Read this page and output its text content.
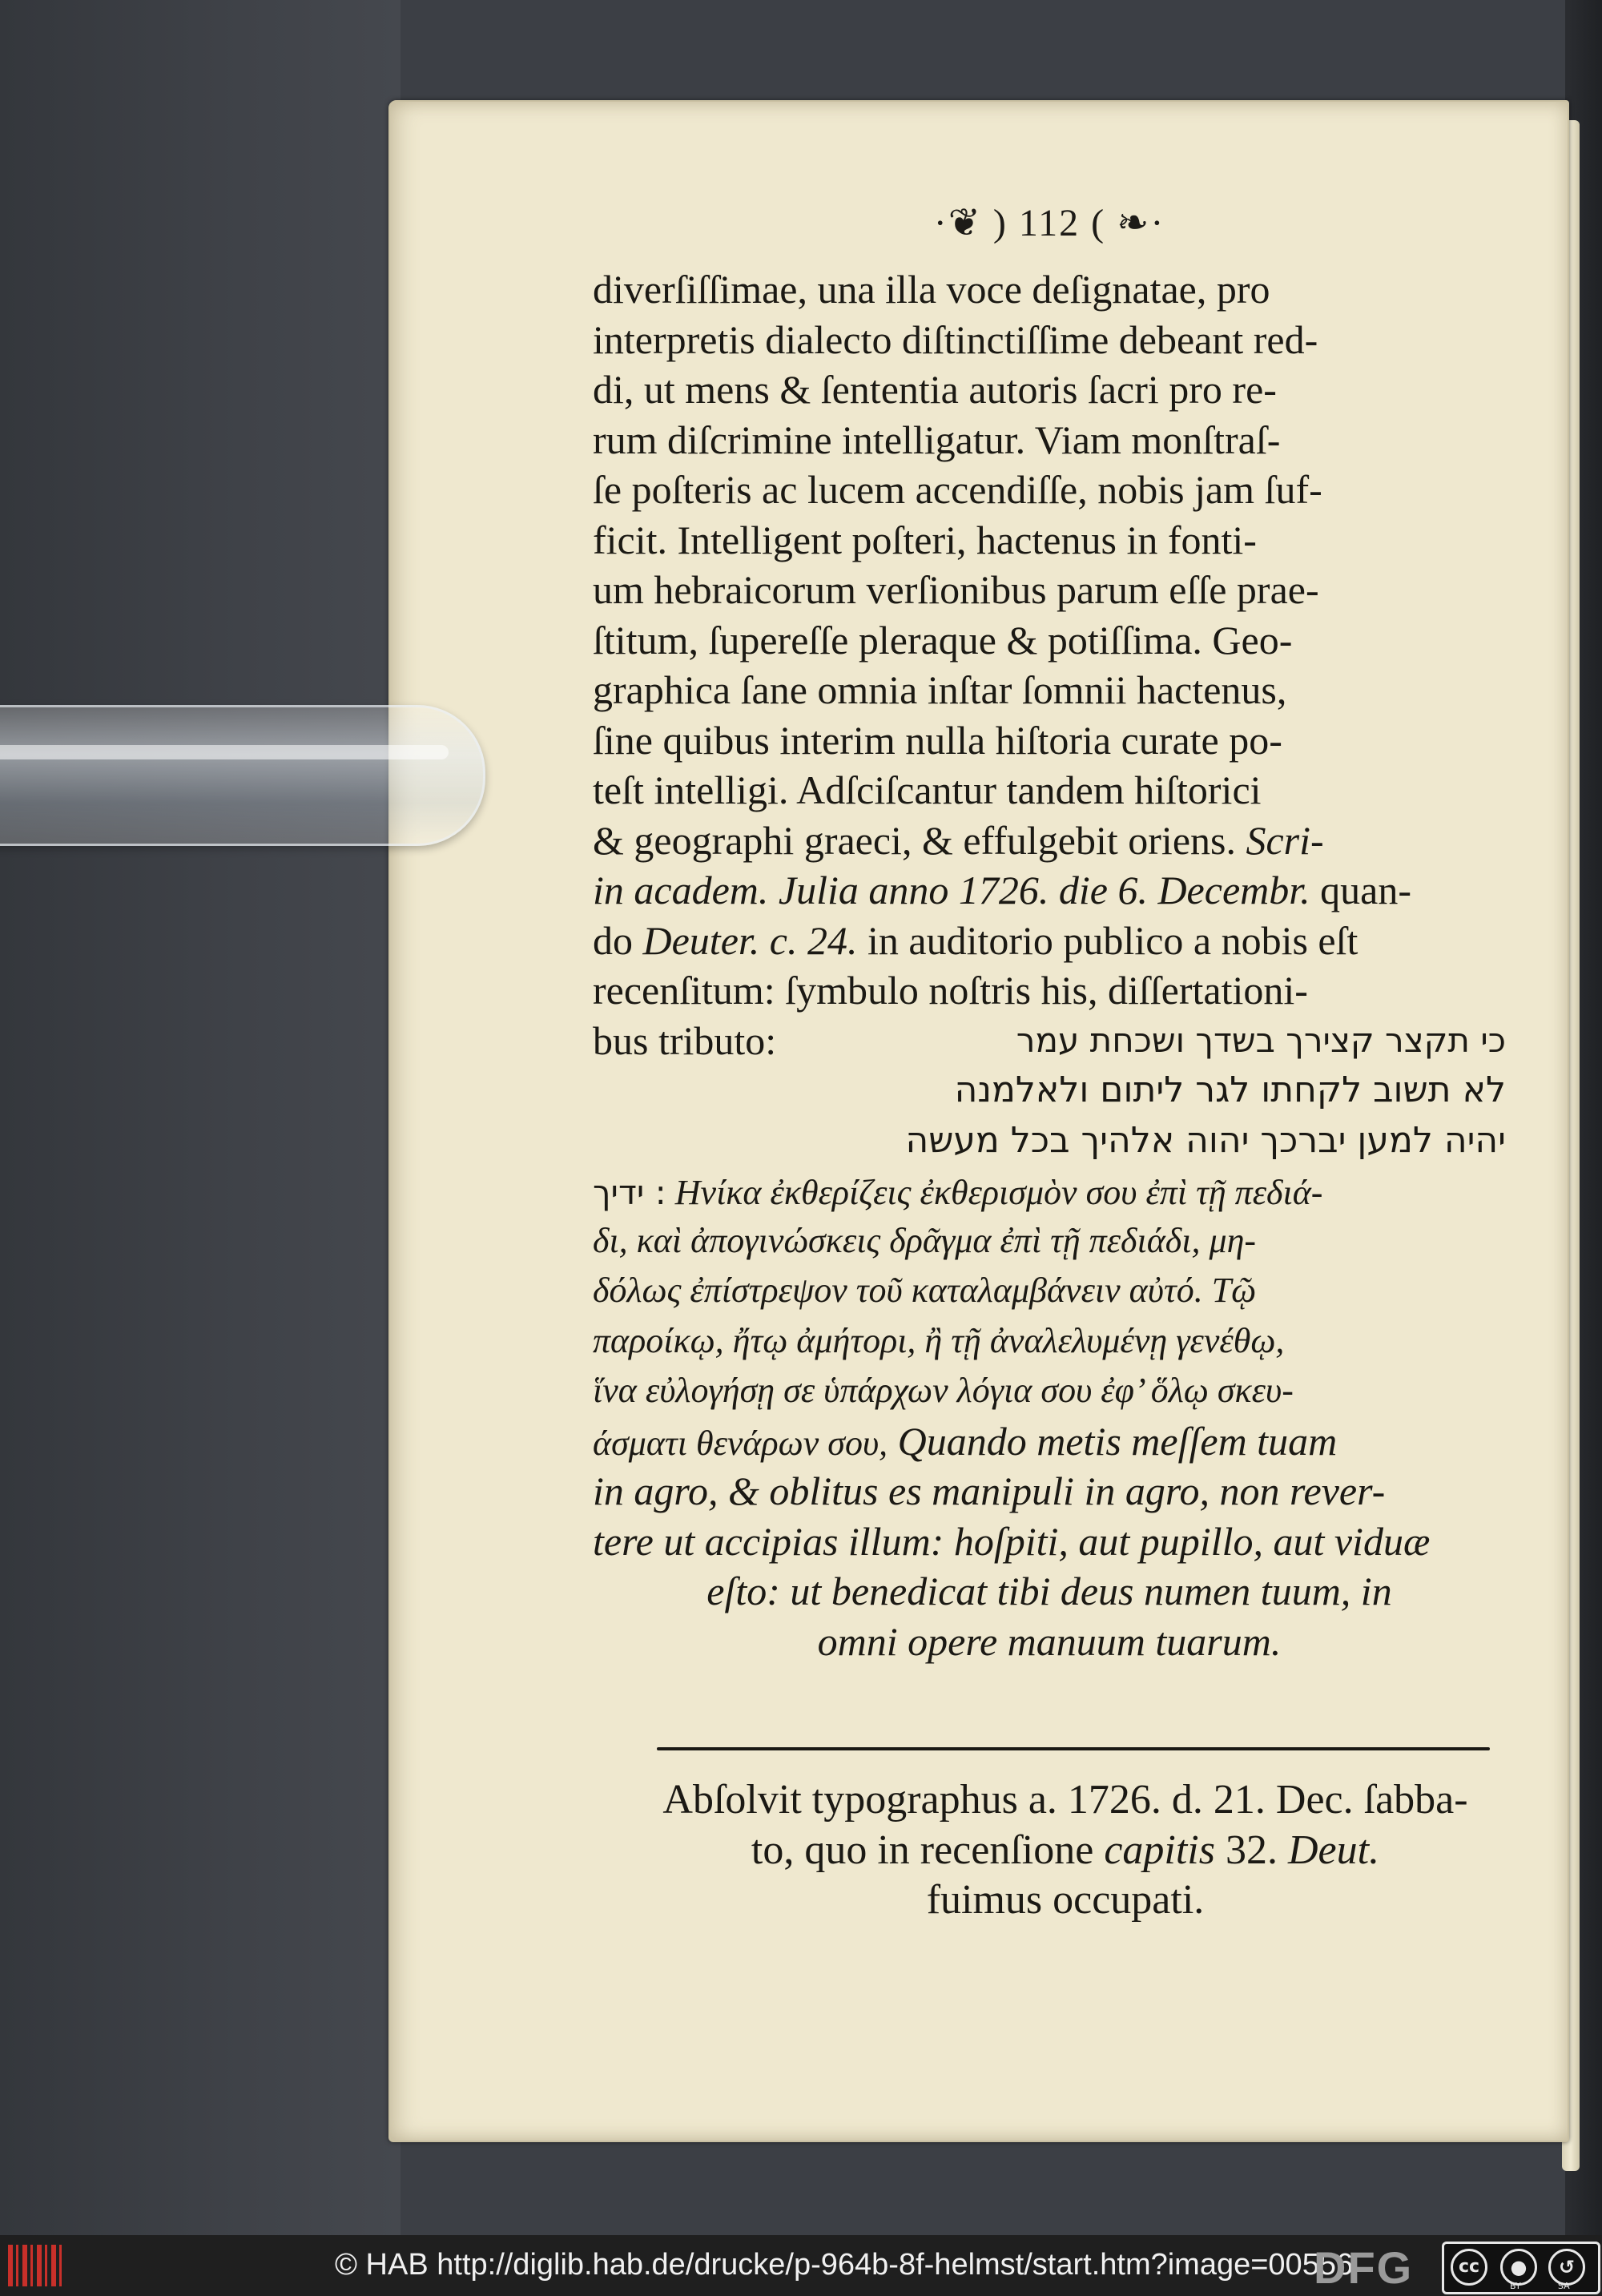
·❦ ) 112 ( ❧·
diverſiſſimae, una illa voce deſignatae, pro
interpretis dialecto diſtinctiſſime debeant red-
di, ut mens & ſententia autoris ſacri pro re-
rum diſcrimine intelligatur. Viam monſtraſ-
ſe poſteris ac lucem accendiſſe, nobis jam ſuf-
ficit. Intelligent poſteri, hactenus in fonti-
um hebraicorum verſionibus parum eſſe prae-
ſtitum, ſupereſſe pleraque & potiſſima. Geo-
graphica ſane omnia inſtar ſomnii hactenus,
ſine quibus interim nulla hiſtoria curate po-
teſt intelligi. Adſciſcantur tandem hiſtorici
& geographi graeci, & effulgebit oriens. Scri-
in academ. Julia anno 1726. die 6. Decembr. quan-
do Deuter. c. 24. in auditorio publico a nobis eſt
recenſitum: ſymbulo noſtris his, diſſertationi-
bus tributo:	כי תקצר קצירך בשדך ושכחת עמר
לא תשוב לקחתו לגר ליתום ולאלמנה
יהיה למען יברכך יהוה אלהיך בכל מעשה
: ידיך Ηνίκα ἐκθερίζεις ἐκθερισμὸν σου ἐπὶ τῇ πεδιά-
δι, καὶ ἀπογινώσκεις δρᾶγμα ἐπὶ τῇ πεδιάδι, μη-
δόλως ἐπίστρεψον τοῦ καταλαμβάνειν αὐτό. Τῷ
παροίκῳ, ἤτῳ ἀμήτορι, ἢ τῇ ἀναλελυμένῃ γενέθῳ,
ἵνα εὐλογήσῃ σε ὑπάρχων λόγια σου ἐφ’ ὅλῳ σκευ-
άσματι θενάρων σου, Quando metis meſſem tuam
in agro, & oblitus es manipuli in agro, non rever-
tere ut accipias illum: hoſpiti, aut pupillo, aut viduæ
eſto: ut benedicat tibi deus numen tuum, in
omni opere manuum tuarum.
Abſolvit typographus a. 1726. d. 21. Dec. ſabba-
to, quo in recenſione capitis 32. Deut.
fuimus occupati.
© HAB http://diglib.hab.de/drucke/p-964b-8f-helmst/start.htm?image=00556
DFG	cc	●	↺
BY	SA
